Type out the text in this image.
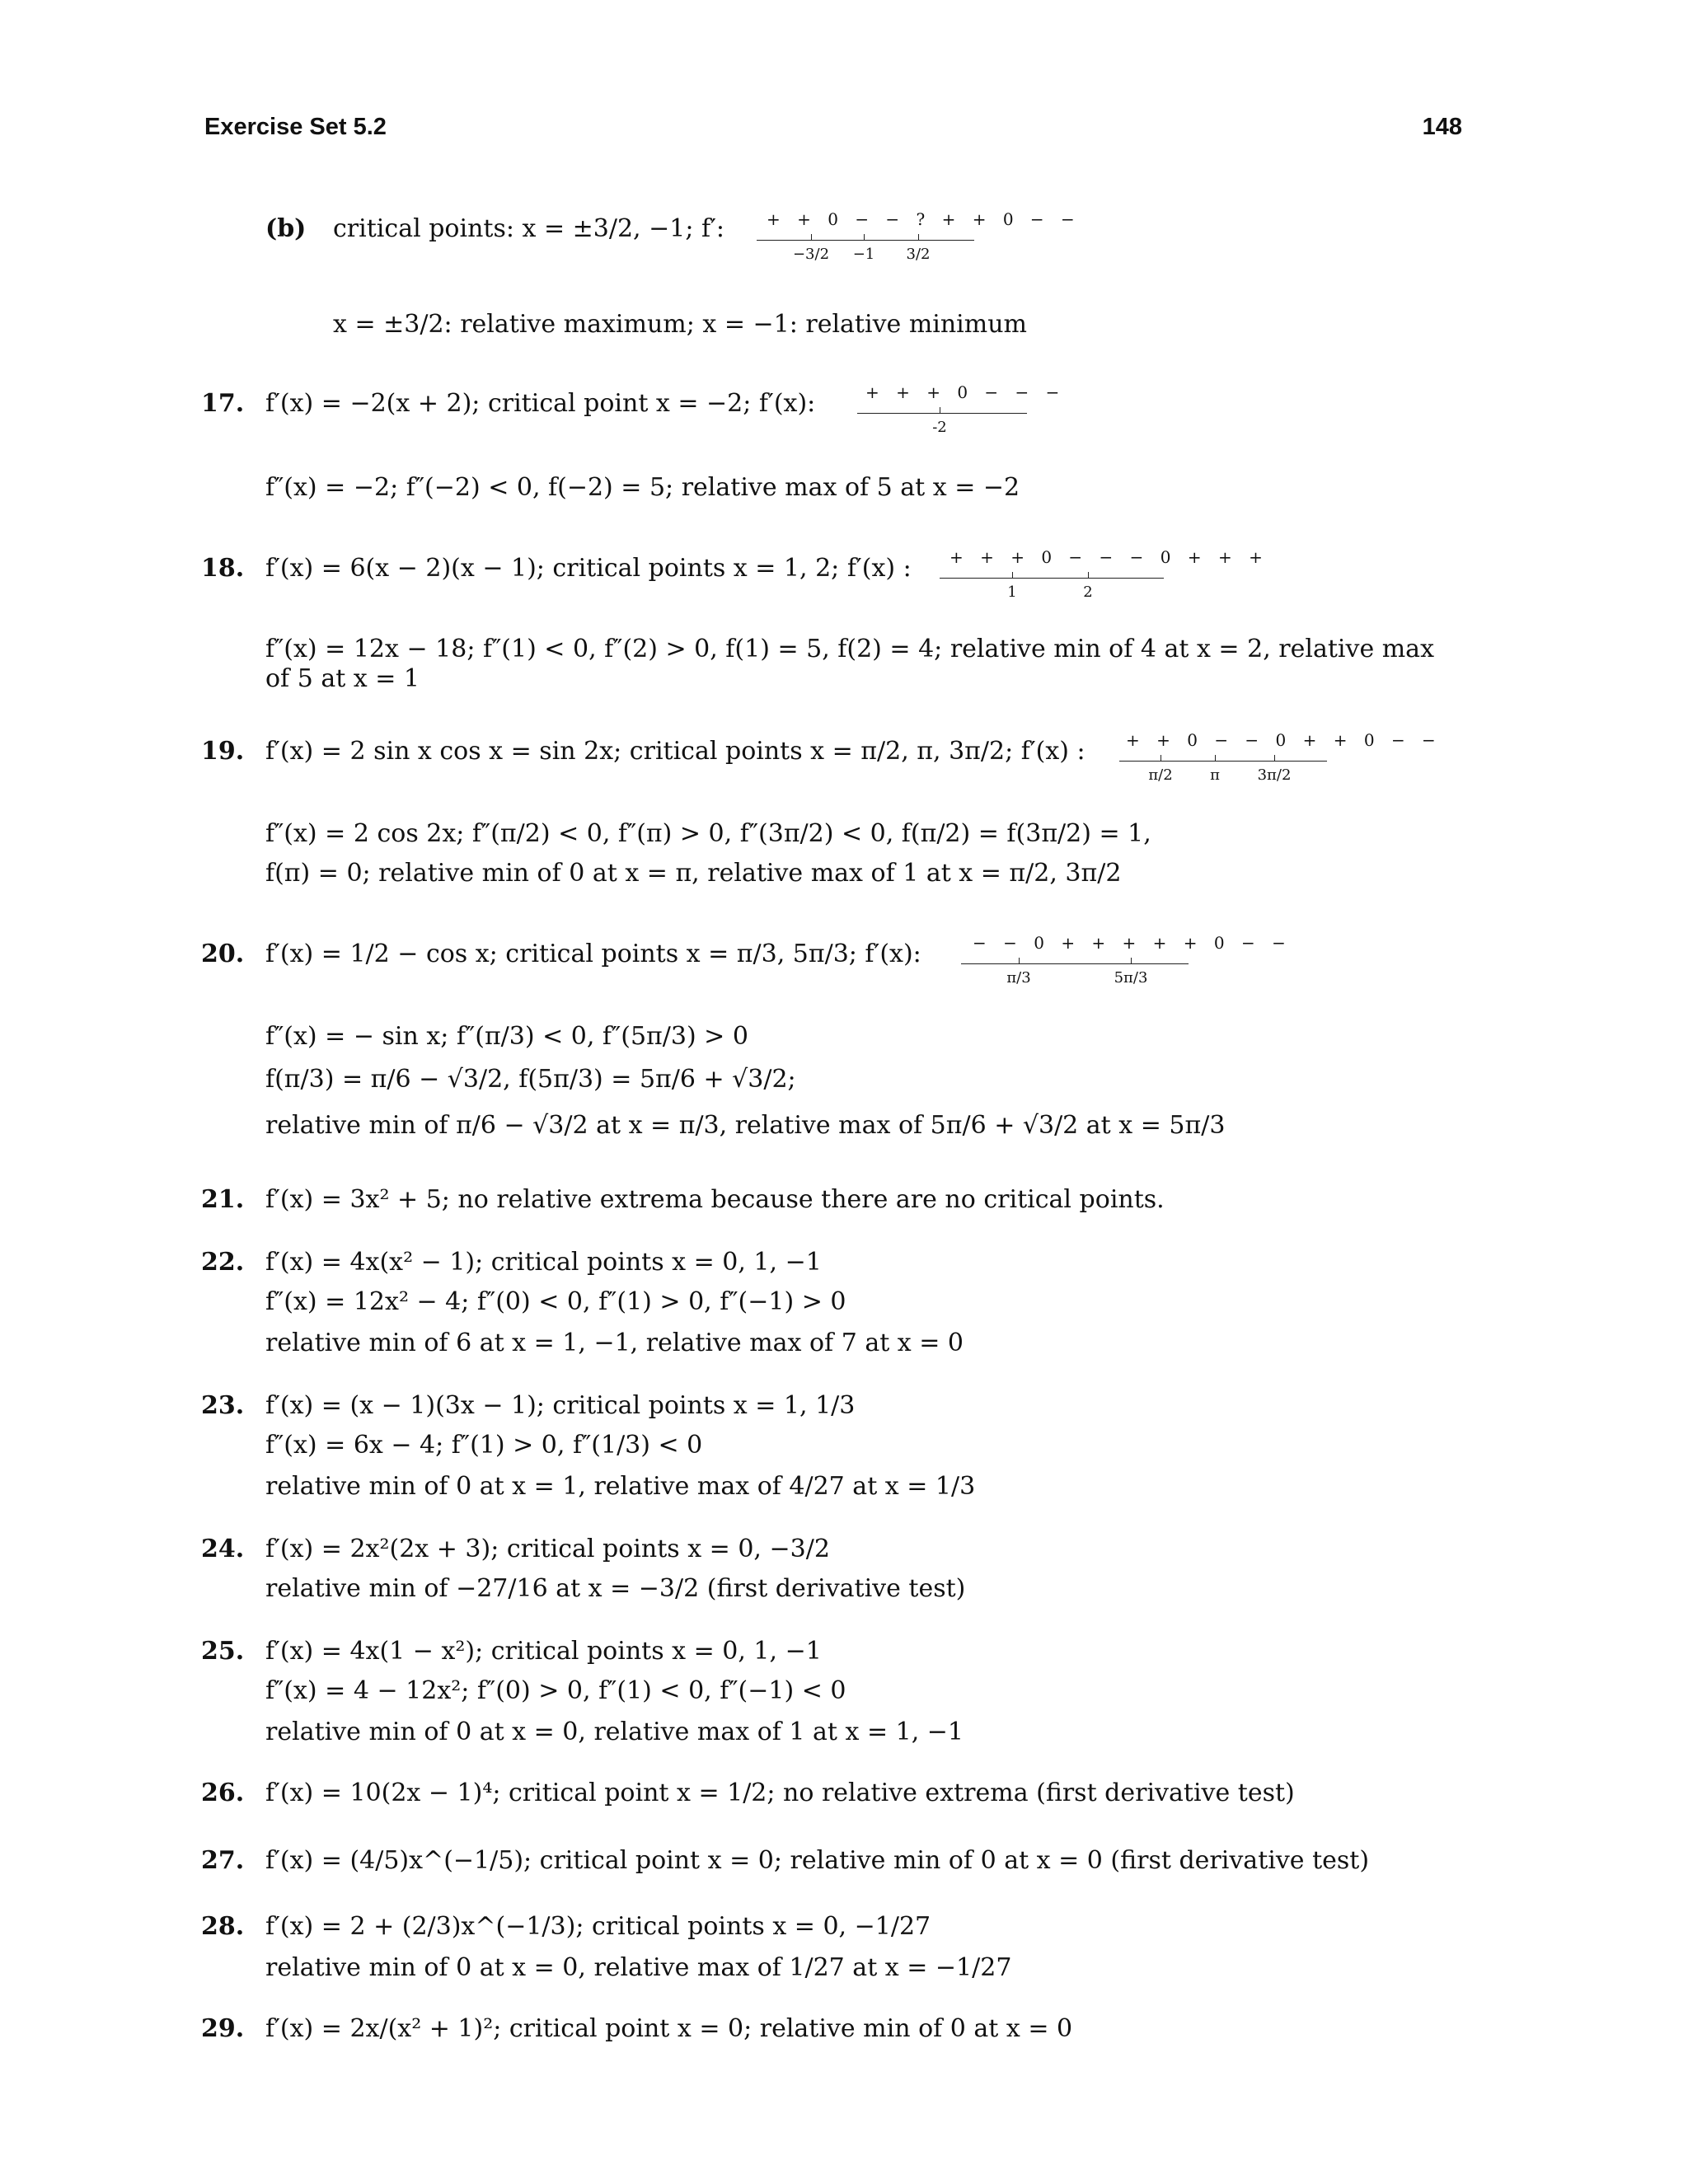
Exercise Set 5.2	148
(b) critical points: x = ±3/2, −1; f′:	+ + 0 − − ? + + 0 − −
−3/2 −1 3/2
x = ±3/2: relative maximum; x = −1: relative minimum
17. f′(x) = −2(x + 2); critical point x = −2; f′(x):	+ + + 0 − − −
-2
f″(x) = −2; f″(−2) < 0, f(−2) = 5; relative max of 5 at x = −2
18. f′(x) = 6(x − 2)(x − 1); critical points x = 1, 2; f′(x) : + + + 0 − − − 0 + + +
1	2
f″(x) = 12x − 18; f″(1) < 0, f″(2) > 0, f(1) = 5, f(2) = 4; relative min of 4 at x = 2, relative max
of 5 at x = 1
19. f′(x) = 2 sin x cos x = sin 2x; critical points x = π/2, π, 3π/2; f′(x) : + + 0 − − 0 + + 0 − −
π/2	π	3π/2
f″(x) = 2 cos 2x; f″(π/2) < 0, f″(π) > 0, f″(3π/2) < 0, f(π/2) = f(3π/2) = 1,
f(π) = 0; relative min of 0 at x = π, relative max of 1 at x = π/2, 3π/2
20. f′(x) = 1/2 − cos x; critical points x = π/3, 5π/3; f′(x):	− − 0 + + + + + 0 − −
π/3	5π/3
f″(x) = − sin x; f″(π/3) < 0, f″(5π/3) > 0
f(π/3) = π/6 − √3/2, f(5π/3) = 5π/6 + √3/2;
relative min of π/6 − √3/2 at x = π/3, relative max of 5π/6 + √3/2 at x = 5π/3
21. f′(x) = 3x² + 5; no relative extrema because there are no critical points.
22. f′(x) = 4x(x² − 1); critical points x = 0, 1, −1
f″(x) = 12x² − 4; f″(0) < 0, f″(1) > 0, f″(−1) > 0
relative min of 6 at x = 1, −1, relative max of 7 at x = 0
23. f′(x) = (x − 1)(3x − 1); critical points x = 1, 1/3
f″(x) = 6x − 4; f″(1) > 0, f″(1/3) < 0
relative min of 0 at x = 1, relative max of 4/27 at x = 1/3
24. f′(x) = 2x²(2x + 3); critical points x = 0, −3/2
relative min of −27/16 at x = −3/2 (first derivative test)
25. f′(x) = 4x(1 − x²); critical points x = 0, 1, −1
f″(x) = 4 − 12x²; f″(0) > 0, f″(1) < 0, f″(−1) < 0
relative min of 0 at x = 0, relative max of 1 at x = 1, −1
26. f′(x) = 10(2x − 1)⁴; critical point x = 1/2; no relative extrema (first derivative test)
27. f′(x) = (4/5)x^(−1/5); critical point x = 0; relative min of 0 at x = 0 (first derivative test)
28. f′(x) = 2 + (2/3)x^(−1/3); critical points x = 0, −1/27
relative min of 0 at x = 0, relative max of 1/27 at x = −1/27
29. f′(x) = 2x/(x² + 1)²; critical point x = 0; relative min of 0 at x = 0
